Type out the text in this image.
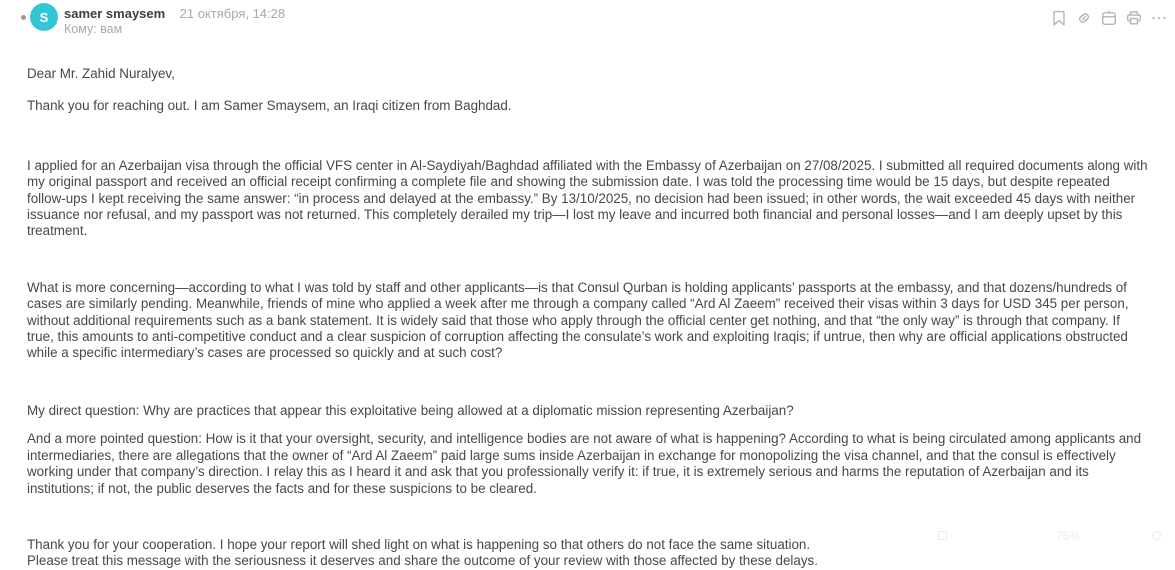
S samer smaysem 21 октября, 14:28
Кому: вам

Dear Mr. Zahid Nuralyev,

Thank you for reaching out. I am Samer Smaysem, an Iraqi citizen from Baghdad.

I applied for an Azerbaijan visa through the official VFS center in Al-Saydiyah/Baghdad affiliated with the Embassy of Azerbaijan on 27/08/2025. I submitted all required documents along with my original passport and received an official receipt confirming a complete file and showing the submission date. I was told the processing time would be 15 days, but despite repeated follow-ups I kept receiving the same answer: “in process and delayed at the embassy.” By 13/10/2025, no decision had been issued; in other words, the wait exceeded 45 days with neither issuance nor refusal, and my passport was not returned. This completely derailed my trip—I lost my leave and incurred both financial and personal losses—and I am deeply upset by this treatment.

What is more concerning—according to what I was told by staff and other applicants—is that Consul Qurban is holding applicants’ passports at the embassy, and that dozens/hundreds of cases are similarly pending. Meanwhile, friends of mine who applied a week after me through a company called “Ard Al Zaeem” received their visas within 3 days for USD 345 per person, without additional requirements such as a bank statement. It is widely said that those who apply through the official center get nothing, and that “the only way” is through that company. If true, this amounts to anti-competitive conduct and a clear suspicion of corruption affecting the consulate’s work and exploiting Iraqis; if untrue, then why are official applications obstructed while a specific intermediary’s cases are processed so quickly and at such cost?

My direct question: Why are practices that appear this exploitative being allowed at a diplomatic mission representing Azerbaijan?

And a more pointed question: How is it that your oversight, security, and intelligence bodies are not aware of what is happening? According to what is being circulated among applicants and intermediaries, there are allegations that the owner of “Ard Al Zaeem” paid large sums inside Azerbaijan in exchange for monopolizing the visa channel, and that the consul is effectively working under that company’s direction. I relay this as I heard it and ask that you professionally verify it: if true, it is extremely serious and harms the reputation of Azerbaijan and its institutions; if not, the public deserves the facts and for these suspicions to be cleared.

Thank you for your cooperation. I hope your report will shed light on what is happening so that others do not face the same situation.

Please treat this message with the seriousness it deserves and share the outcome of your review with those affected by these delays.

75%
